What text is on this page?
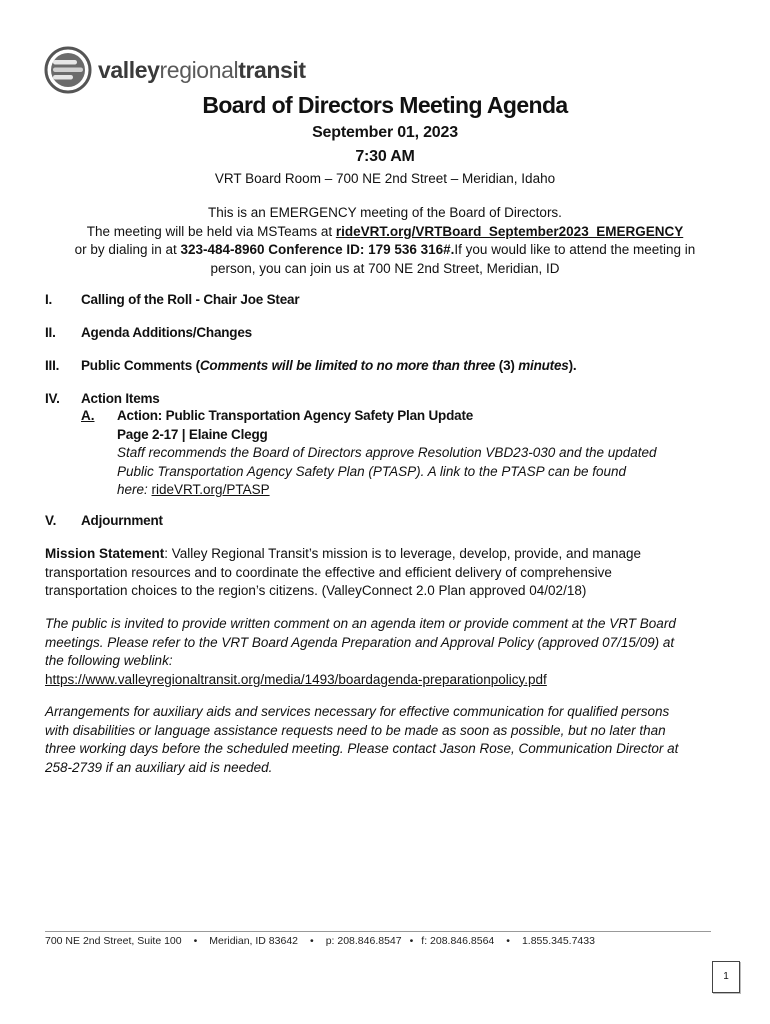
valleyregionaltransit
Board of Directors Meeting Agenda
September 01, 2023
7:30 AM
VRT Board Room – 700 NE 2nd Street – Meridian, Idaho
This is an EMERGENCY meeting of the Board of Directors.
The meeting will be held via MSTeams at rideVRT.org/VRTBoard_September2023_EMERGENCY
or by dialing in at 323-484-8960 Conference ID: 179 536 316#.If you would like to attend the meeting in
person, you can join us at 700 NE 2nd Street, Meridian, ID
I. Calling of the Roll - Chair Joe Stear
II. Agenda Additions/Changes
III. Public Comments (Comments will be limited to no more than three (3) minutes).
IV. Action Items
A. Action: Public Transportation Agency Safety Plan Update
Page 2-17 | Elaine Clegg
Staff recommends the Board of Directors approve Resolution VBD23-030 and the updated
Public Transportation Agency Safety Plan (PTASP). A link to the PTASP can be found
here: rideVRT.org/PTASP
V. Adjournment
Mission Statement: Valley Regional Transit’s mission is to leverage, develop, provide, and manage
transportation resources and to coordinate the effective and efficient delivery of comprehensive
transportation choices to the region’s citizens. (ValleyConnect 2.0 Plan approved 04/02/18)
The public is invited to provide written comment on an agenda item or provide comment at the VRT Board
meetings. Please refer to the VRT Board Agenda Preparation and Approval Policy (approved 07/15/09) at
the following weblink:
https://www.valleyregionaltransit.org/media/1493/boardagenda-preparationpolicy.pdf
Arrangements for auxiliary aids and services necessary for effective communication for qualified persons
with disabilities or language assistance requests need to be made as soon as possible, but no later than
three working days before the scheduled meeting. Please contact Jason Rose, Communication Director at
258-2739 if an auxiliary aid is needed.
700 NE 2nd Street, Suite 100 • Meridian, ID 83642 • p: 208.846.8547 • f: 208.846.8564 • 1.855.345.7433
1
